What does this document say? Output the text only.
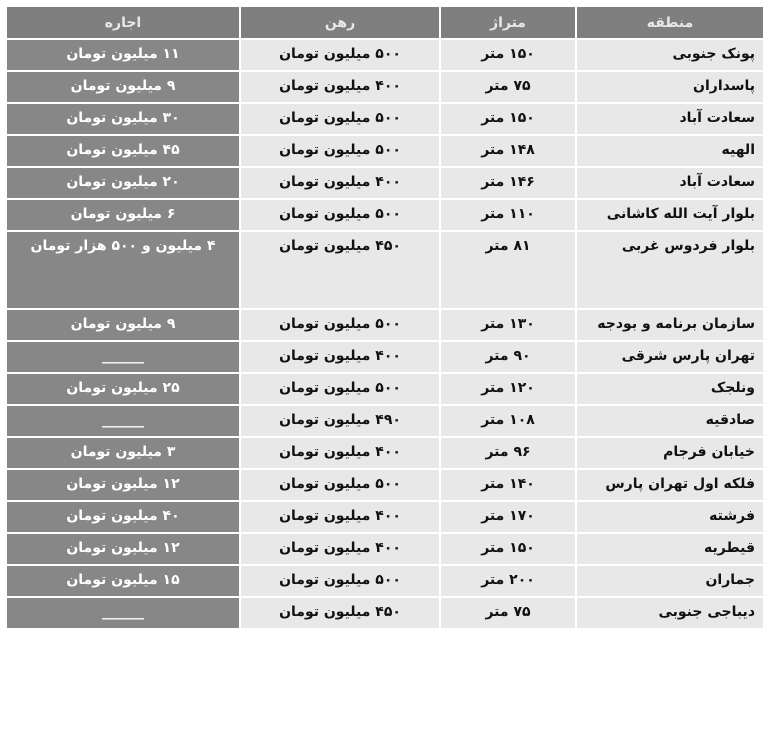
منطقه	متراژ	رهن	اجاره
پونک جنوبی	۱۵۰ متر	۵۰۰ میلیون تومان	۱۱ میلیون تومان
پاسداران	۷۵ متر	۴۰۰ میلیون تومان	۹ میلیون تومان
سعادت آباد	۱۵۰ متر	۵۰۰ میلیون تومان	۳۰ میلیون تومان
الهیه	۱۴۸ متر	۵۰۰ میلیون تومان	۴۵ میلیون تومان
سعادت آباد	۱۴۶ متر	۴۰۰ میلیون تومان	۲۰ میلیون تومان
بلوار آیت الله کاشانی	۱۱۰ متر	۵۰۰ میلیون تومان	۶ میلیون تومان
بلوار فردوس غربی	۸۱ متر	۴۵۰ میلیون تومان	۴ میلیون و ۵۰۰ هزار تومان
سازمان برنامه و بودجه	۱۳۰ متر	۵۰۰ میلیون تومان	۹ میلیون تومان
تهران پارس شرقی	۹۰ متر	۴۰۰ میلیون تومان	______
ونلجک	۱۲۰ متر	۵۰۰ میلیون تومان	۲۵ میلیون تومان
صادقیه	۱۰۸ متر	۴۹۰ میلیون تومان	______
خیابان فرجام	۹۶ متر	۴۰۰ میلیون تومان	۳ میلیون تومان
فلکه اول تهران پارس	۱۴۰ متر	۵۰۰ میلیون تومان	۱۲ میلیون تومان
فرشته	۱۷۰ متر	۴۰۰ میلیون تومان	۴۰ میلیون تومان
قیطریه	۱۵۰ متر	۴۰۰ میلیون تومان	۱۲ میلیون تومان
جماران	۲۰۰ متر	۵۰۰ میلیون تومان	۱۵ میلیون تومان
دیباجی جنوبی	۷۵ متر	۴۵۰ میلیون تومان	______
